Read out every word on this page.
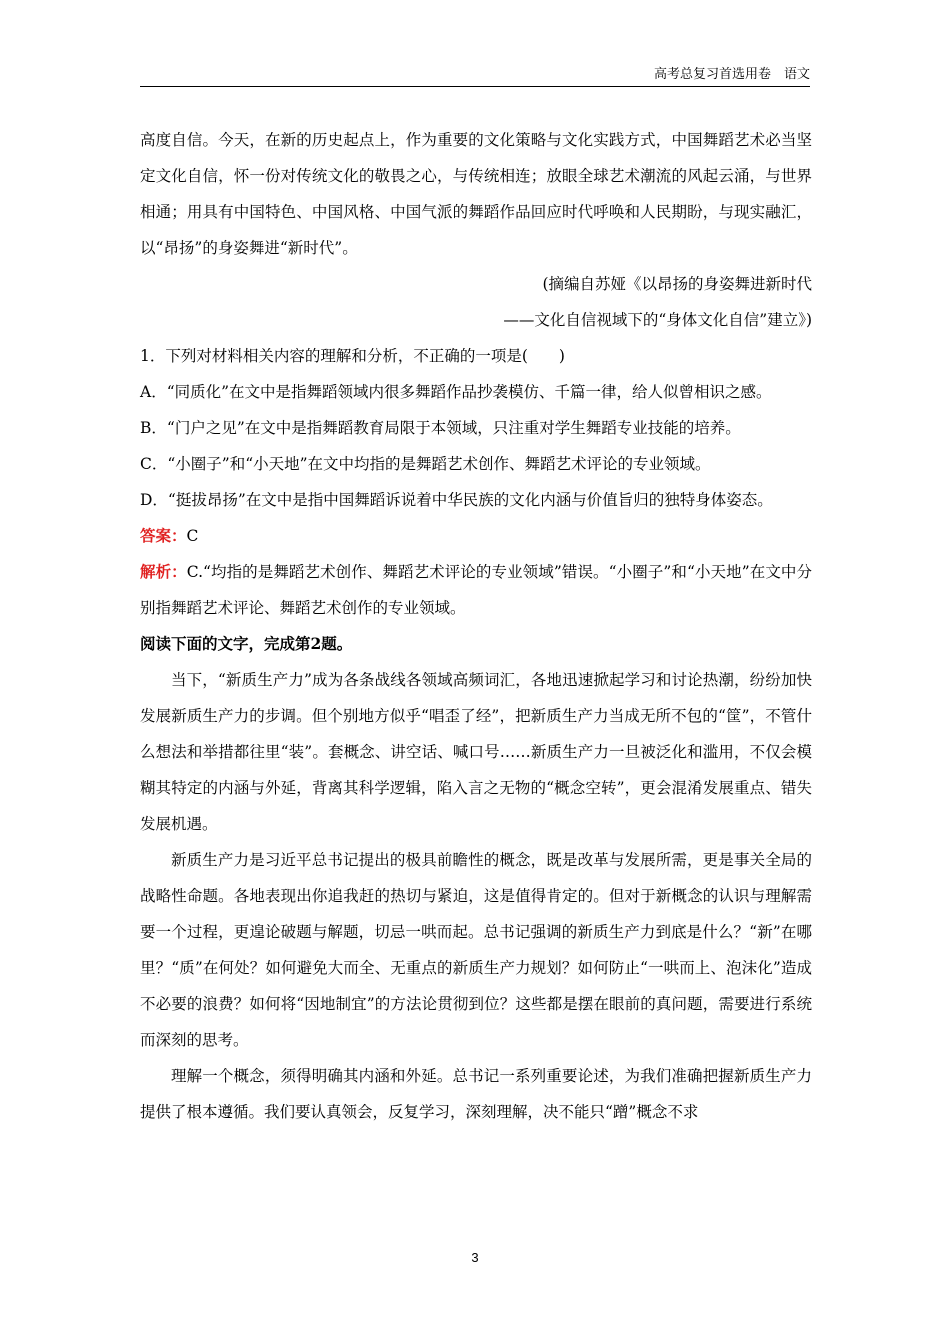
高考总复习首选用卷　语文

高度自信。今天，在新的历史起点上，作为重要的文化策略与文化实践方式，中国舞蹈艺术必当坚定文化自信，怀一份对传统文化的敬畏之心，与传统相连；放眼全球艺术潮流的风起云涌，与世界相通；用具有中国特色、中国风格、中国气派的舞蹈作品回应时代呼唤和人民期盼，与现实融汇，以“昂扬”的身姿舞进“新时代”。

(摘编自苏娅《以昂扬的身姿舞进新时代

——文化自信视域下的“身体文化自信”建立》)

1．下列对材料相关内容的理解和分析，不正确的一项是(　　)

A．“同质化”在文中是指舞蹈领域内很多舞蹈作品抄袭模仿、千篇一律，给人似曾相识之感。

B．“门户之见”在文中是指舞蹈教育局限于本领域，只注重对学生舞蹈专业技能的培养。

C．“小圈子”和“小天地”在文中均指的是舞蹈艺术创作、舞蹈艺术评论的专业领域。

D．“挺拔昂扬”在文中是指中国舞蹈诉说着中华民族的文化内涵与价值旨归的独特身体姿态。

答案：C

解析：C.“均指的是舞蹈艺术创作、舞蹈艺术评论的专业领域”错误。“小圈子”和“小天地”在文中分别指舞蹈艺术评论、舞蹈艺术创作的专业领域。

阅读下面的文字，完成第2题。

当下，“新质生产力”成为各条战线各领域高频词汇，各地迅速掀起学习和讨论热潮，纷纷加快发展新质生产力的步调。但个别地方似乎“唱歪了经”，把新质生产力当成无所不包的“筐”，不管什么想法和举措都往里“装”。套概念、讲空话、喊口号……新质生产力一旦被泛化和滥用，不仅会模糊其特定的内涵与外延，背离其科学逻辑，陷入言之无物的“概念空转”，更会混淆发展重点、错失发展机遇。

新质生产力是习近平总书记提出的极具前瞻性的概念，既是改革与发展所需，更是事关全局的战略性命题。各地表现出你追我赶的热切与紧迫，这是值得肯定的。但对于新概念的认识与理解需要一个过程，更遑论破题与解题，切忌一哄而起。总书记强调的新质生产力到底是什么？“新”在哪里？“质”在何处？如何避免大而全、无重点的新质生产力规划？如何防止“一哄而上、泡沫化”造成不必要的浪费？如何将“因地制宜”的方法论贯彻到位？这些都是摆在眼前的真问题，需要进行系统而深刻的思考。

理解一个概念，须得明确其内涵和外延。总书记一系列重要论述，为我们准确把握新质生产力提供了根本遵循。我们要认真领会，反复学习，深刻理解，决不能只“蹭”概念不求

3
